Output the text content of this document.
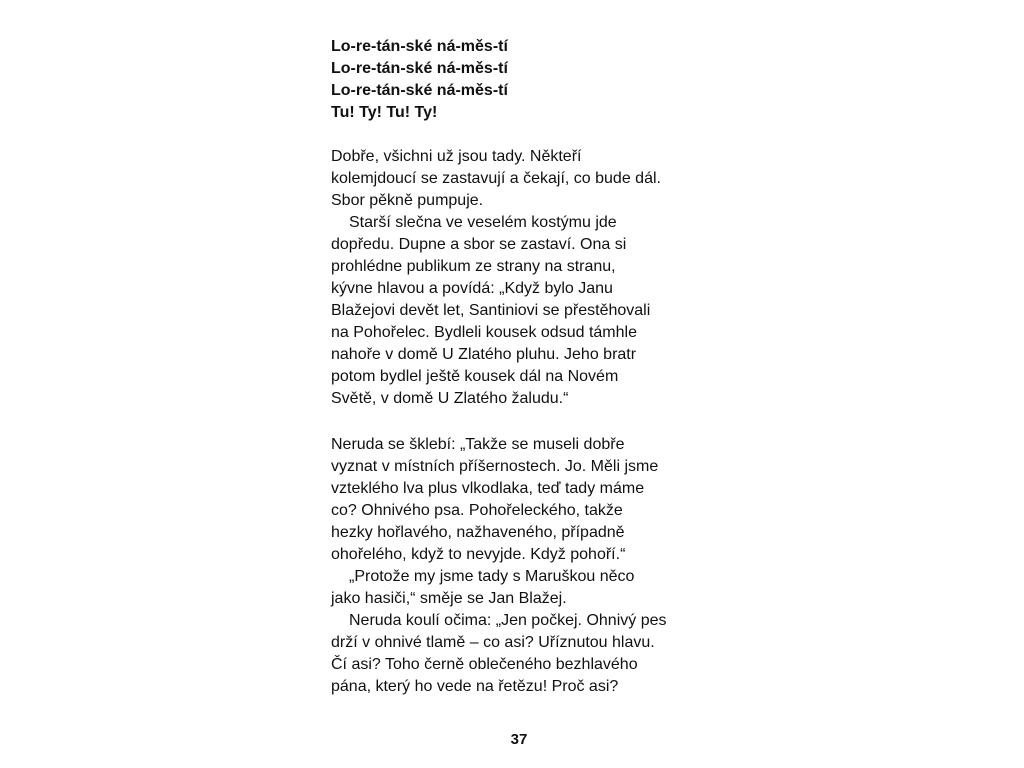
Lo-re-tán-ské ná-měs-tí
Lo-re-tán-ské ná-měs-tí
Lo-re-tán-ské ná-měs-tí
Tu! Ty! Tu! Ty!
Dobře, všichni už jsou tady. Někteří
kolemjdoucí se zastavují a čekají, co bude dál.
Sbor pěkně pumpuje.
Starší slečna ve veselém kostýmu jde
dopředu. Dupne a sbor se zastaví. Ona si
prohlédne publikum ze strany na stranu,
kývne hlavou a povídá: „Když bylo Janu
Blažejovi devět let, Santiniovi se přestěhovali
na Pohořelec. Bydleli kousek odsud támhle
nahoře v domě U Zlatého pluhu. Jeho bratr
potom bydlel ještě kousek dál na Novém
Světě, v domě U Zlatého žaludu.“
Neruda se šklebí: „Takže se museli dobře
vyznat v místních příšernostech. Jo. Měli jsme
vzteklého lva plus vlkodlaka, teď tady máme
co? Ohnivého psa. Pohořeleckého, takže
hezky hořlavého, nažhaveného, případně
ohořelého, když to nevyjde. Když pohoří.“
„Protože my jsme tady s Maruškou něco
jako hasiči,“ směje se Jan Blažej.
Neruda koulí očima: „Jen počkej. Ohnivý pes
drží v ohnivé tlamě – co asi? Uříznutou hlavu.
Čí asi? Toho černě oblečeného bezhlavého
pána, který ho vede na řetězu! Proč asi?
37
